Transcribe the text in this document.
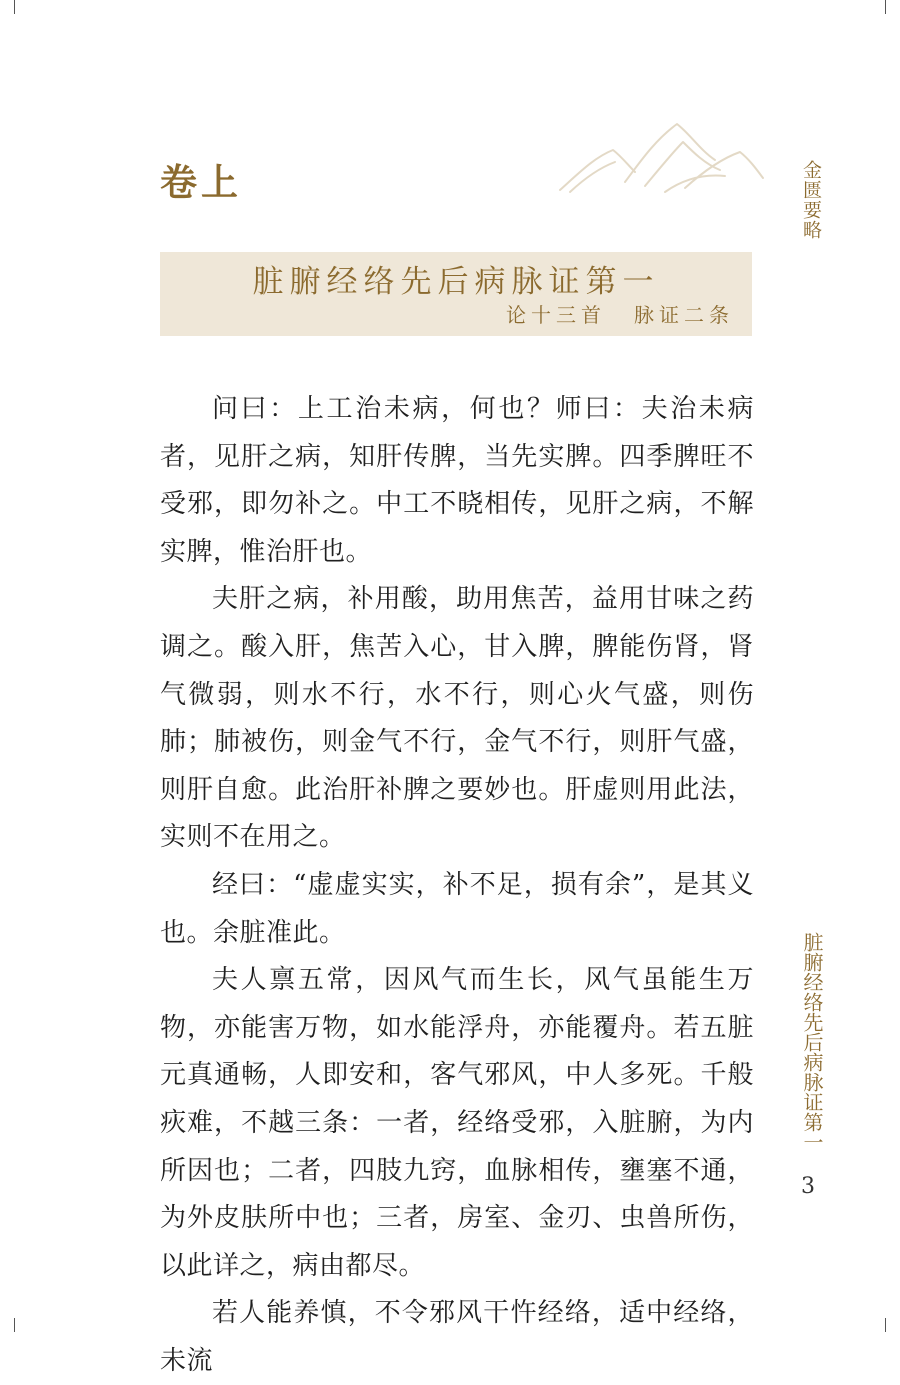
卷上	金匮要略
脏腑经络先后病脉证第一
论十三首 脉证二条

问曰：上工治未病，何也？师曰：夫治未病者，见肝之病，知肝传脾，当先实脾。四季脾旺不受邪，即勿补之。中工不晓相传，见肝之病，不解实脾，惟治肝也。

夫肝之病，补用酸，助用焦苦，益用甘味之药调之。酸入肝，焦苦入心，甘入脾，脾能伤肾，肾气微弱，则水不行，水不行，则心火气盛，则伤肺；肺被伤，则金气不行，金气不行，则肝气盛，则肝自愈。此治肝补脾之要妙也。肝虚则用此法，实则不在用之。

经曰：“虚虚实实，补不足，损有余”，是其义也。余脏准此。

夫人禀五常，因风气而生长，风气虽能生万物，亦能害万物，如水能浮舟，亦能覆舟。若五脏元真通畅，人即安和，客气邪风，中人多死。千般疢难，不越三条：一者，经络受邪，入脏腑，为内所因也；二者，四肢九窍，血脉相传，壅塞不通，为外皮肤所中也；三者，房室、金刃、虫兽所伤，以此详之，病由都尽。

若人能养慎，不令邪风干忤经络，适中经络，未流

脏腑经络先后病脉证第一
3
